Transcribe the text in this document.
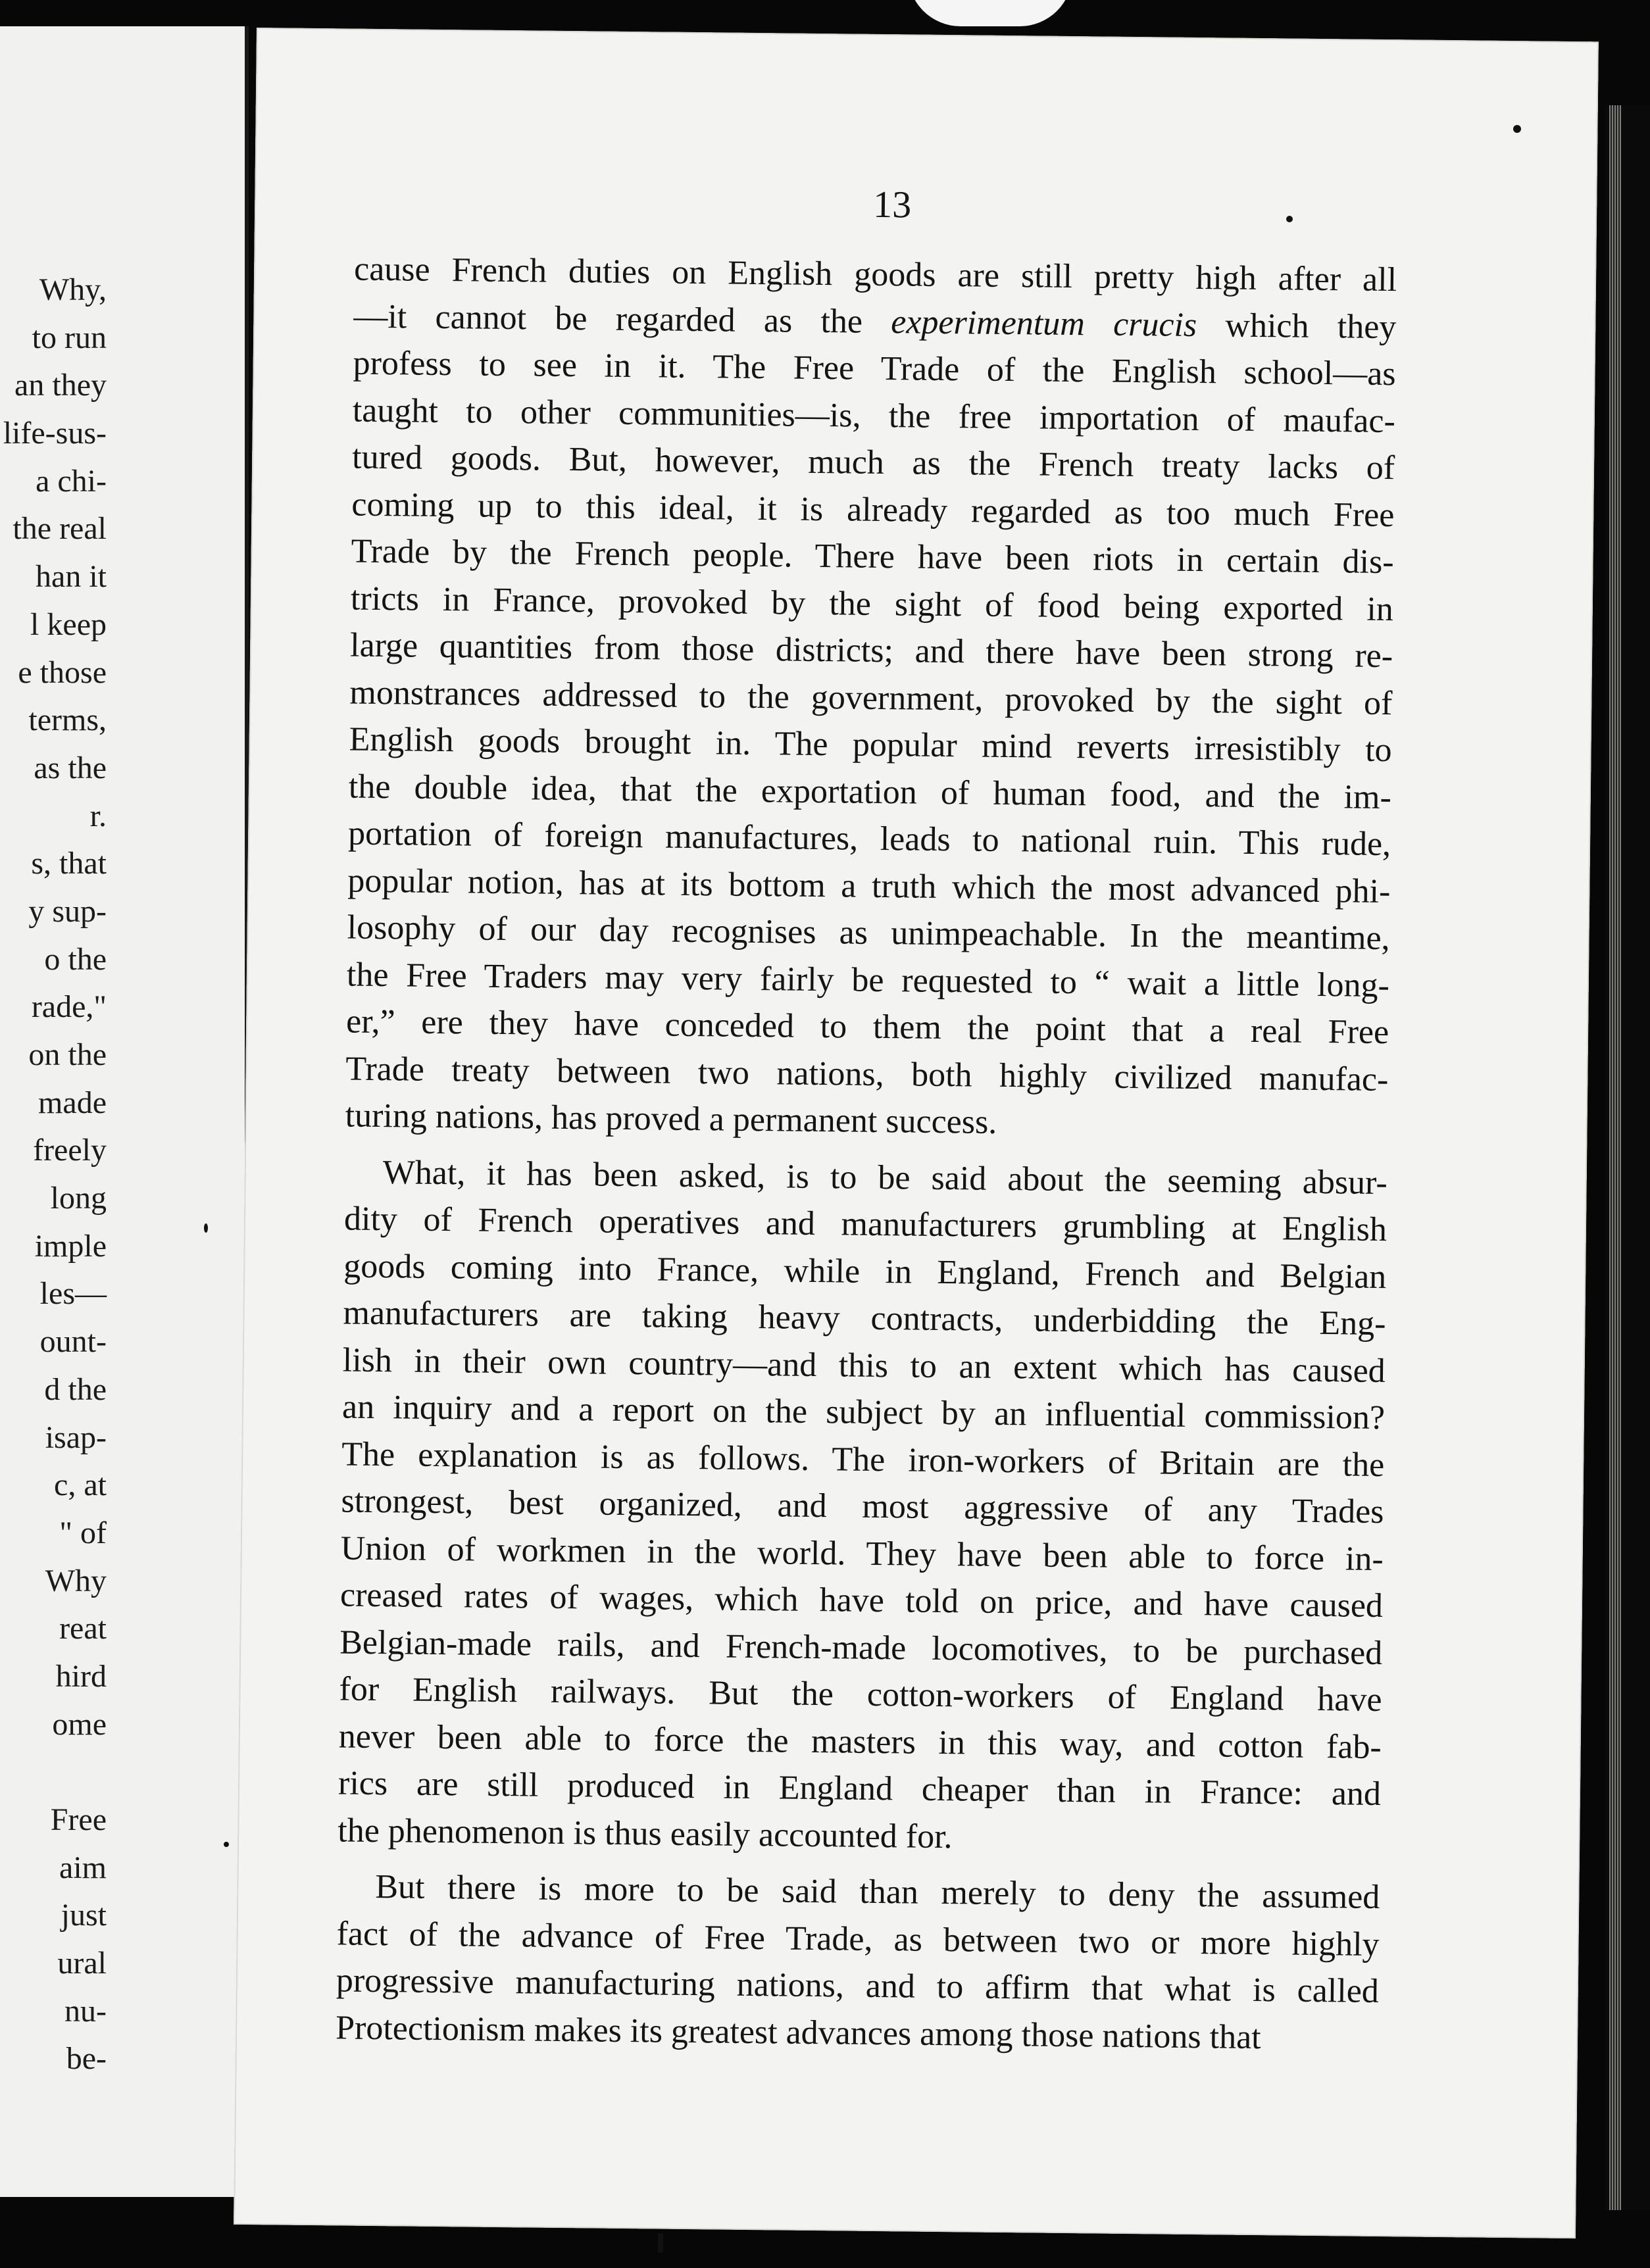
Why,
to run
an they
life-sus-
a chi-
the real
han it
l keep
e those
terms,
as the
r.
s, that
y sup-
o the
rade,"
on the
made
freely
long
imple
les—
ount-
d the
isap-
c, at
" of
Why
reat
hird
ome

Free
aim
just
ural
nu-
be-
13
cause French duties on English goods are still pretty high after all
—it cannot be regarded as the experimentum crucis which they
profess to see in it. The Free Trade of the English school—as
taught to other communities—is, the free importation of maufac-
tured goods. But, however, much as the French treaty lacks of
coming up to this ideal, it is already regarded as too much Free
Trade by the French people. There have been riots in certain dis-
tricts in France, provoked by the sight of food being exported in
large quantities from those districts; and there have been strong re-
monstrances addressed to the government, provoked by the sight of
English goods brought in. The popular mind reverts irresistibly to
the double idea, that the exportation of human food, and the im-
portation of foreign manufactures, leads to national ruin. This rude,
popular notion, has at its bottom a truth which the most advanced phi-
losophy of our day recognises as unimpeachable. In the meantime,
the Free Traders may very fairly be requested to “ wait a little long-
er,” ere they have conceded to them the point that a real Free
Trade treaty between two nations, both highly civilized manufac-
turing nations, has proved a permanent success.
What, it has been asked, is to be said about the seeming absur-
dity of French operatives and manufacturers grumbling at English
goods coming into France, while in England, French and Belgian
manufacturers are taking heavy contracts, underbidding the Eng-
lish in their own country—and this to an extent which has caused
an inquiry and a report on the subject by an influential commission?
The explanation is as follows. The iron-workers of Britain are the
strongest, best organized, and most aggressive of any Trades
Union of workmen in the world. They have been able to force in-
creased rates of wages, which have told on price, and have caused
Belgian-made rails, and French-made locomotives, to be purchased
for English railways. But the cotton-workers of England have
never been able to force the masters in this way, and cotton fab-
rics are still produced in England cheaper than in France: and
the phenomenon is thus easily accounted for.
But there is more to be said than merely to deny the assumed
fact of the advance of Free Trade, as between two or more highly
progressive manufacturing nations, and to affirm that what is called
Protectionism makes its greatest advances among those nations that
